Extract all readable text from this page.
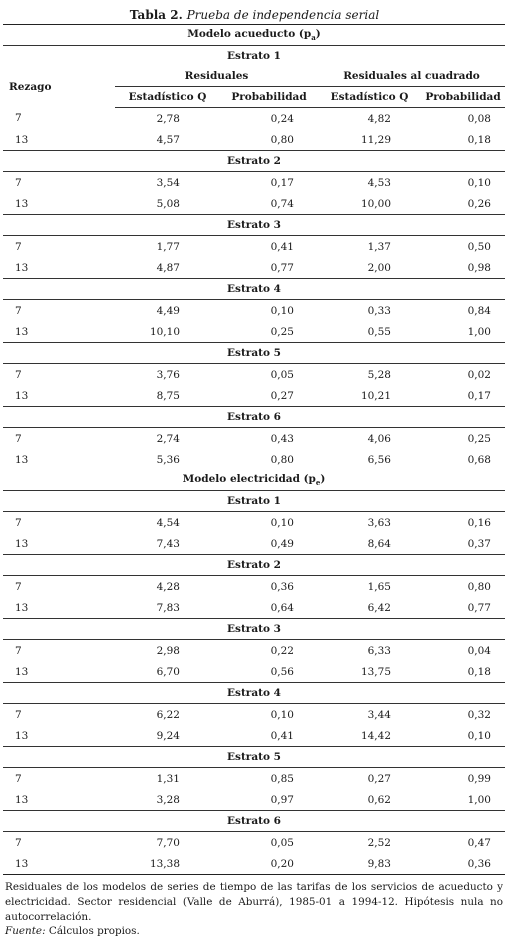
Tabla 2. Prueba de independencia serial
Modelo acueducto $(p_a)$				
Estrato 1				
Rezago	Residuales		Residuales al cuadrado	
	Estadístico Q	Probabilidad	Estadístico Q	Probabilidad
7	2,78	0,24	4,82	0,08
13	4,57	0,80	11,29	0,18
Estrato 2				
7	3,54	0,17	4,53	0,10
13	5,08	0,74	10,00	0,26
Estrato 3				
7	1,77	0,41	1,37	0,50
13	4,87	0,77	2,00	0,98
Estrato 4				
7	4,49	0,10	0,33	0,84
13	10,10	0,25	0,55	1,00
Estrato 5				
7	3,76	0,05	5,28	0,02
13	8,75	0,27	10,21	0,17
Estrato 6				
7	2,74	0,43	4,06	0,25
13	5,36	0,80	6,56	0,68
Modelo electricidad $(p_e)$				
Estrato 1				
7	4,54	0,10	3,63	0,16
13	7,43	0,49	8,64	0,37
Estrato 2				
7	4,28	0,36	1,65	0,80
13	7,83	0,64	6,42	0,77
Estrato 3				
7	2,98	0,22	6,33	0,04
13	6,70	0,56	13,75	0,18
Estrato 4				
7	6,22	0,10	3,44	0,32
13	9,24	0,41	14,42	0,10
Estrato 5				
7	1,31	0,85	0,27	0,99
13	3,28	0,97	0,62	1,00
Estrato 6				
7	7,70	0,05	2,52	0,47
13	13,38	0,20	9,83	0,36

Residuales de los modelos de series de tiempo de las tarifas de los servicios de acueducto y electricidad. Sector residencial (Valle de Aburrá), 1985-01 a 1994-12. Hipótesis nula no autocorrelación.
Fuente: Cálculos propios.
